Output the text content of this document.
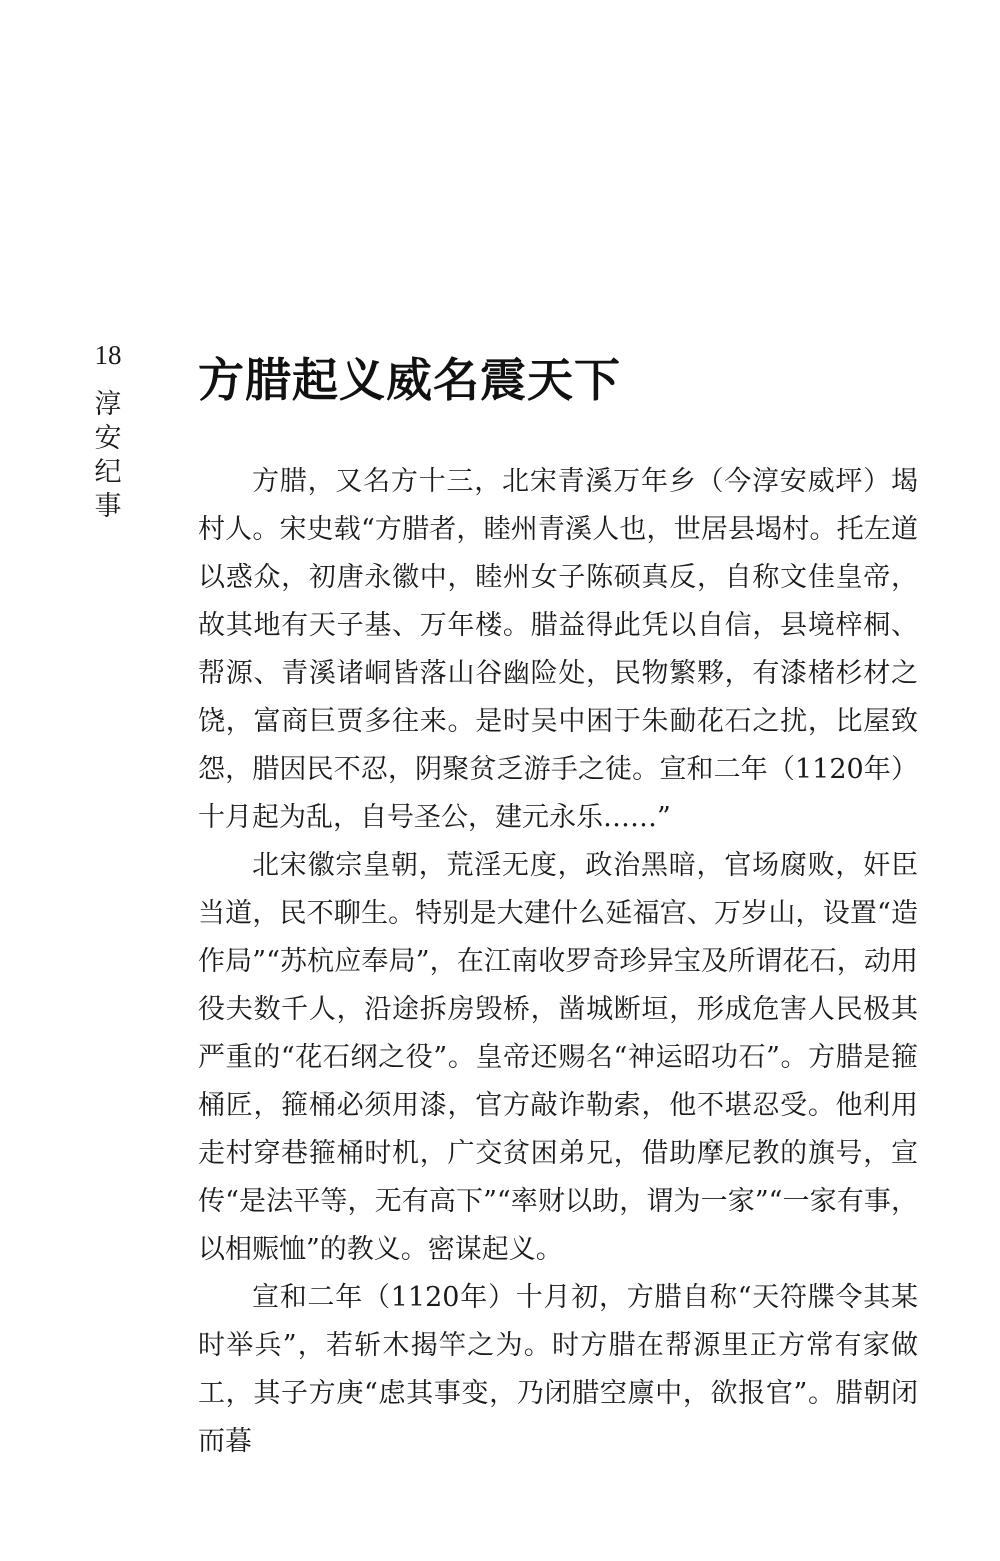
18
淳安纪事
方腊起义威名震天下

方腊，又名方十三，北宋青溪万年乡（今淳安威坪）堨村人。宋史载“方腊者，睦州青溪人也，世居县堨村。托左道以惑众，初唐永徽中，睦州女子陈硕真反，自称文佳皇帝，故其地有天子基、万年楼。腊益得此凭以自信，县境梓桐、帮源、青溪诸峒皆落山谷幽险处，民物繁夥，有漆楮杉材之饶，富商巨贾多往来。是时吴中困于朱勔花石之扰，比屋致怨，腊因民不忍，阴聚贫乏游手之徒。宣和二年（1120年）十月起为乱，自号圣公，建元永乐……”

北宋徽宗皇朝，荒淫无度，政治黑暗，官场腐败，奸臣当道，民不聊生。特别是大建什么延福宫、万岁山，设置“造作局”“苏杭应奉局”，在江南收罗奇珍异宝及所谓花石，动用役夫数千人，沿途拆房毁桥，凿城断垣，形成危害人民极其严重的“花石纲之役”。皇帝还赐名“神运昭功石”。方腊是箍桶匠，箍桶必须用漆，官方敲诈勒索，他不堪忍受。他利用走村穿巷箍桶时机，广交贫困弟兄，借助摩尼教的旗号，宣传“是法平等，无有高下”“率财以助，谓为一家”“一家有事，以相赈恤”的教义。密谋起义。

宣和二年（1120年）十月初，方腊自称“天符牒令其某时举兵”，若斩木揭竿之为。时方腊在帮源里正方常有家做工，其子方庚“虑其事变，乃闭腊空廪中，欲报官”。腊朝闭而暮
